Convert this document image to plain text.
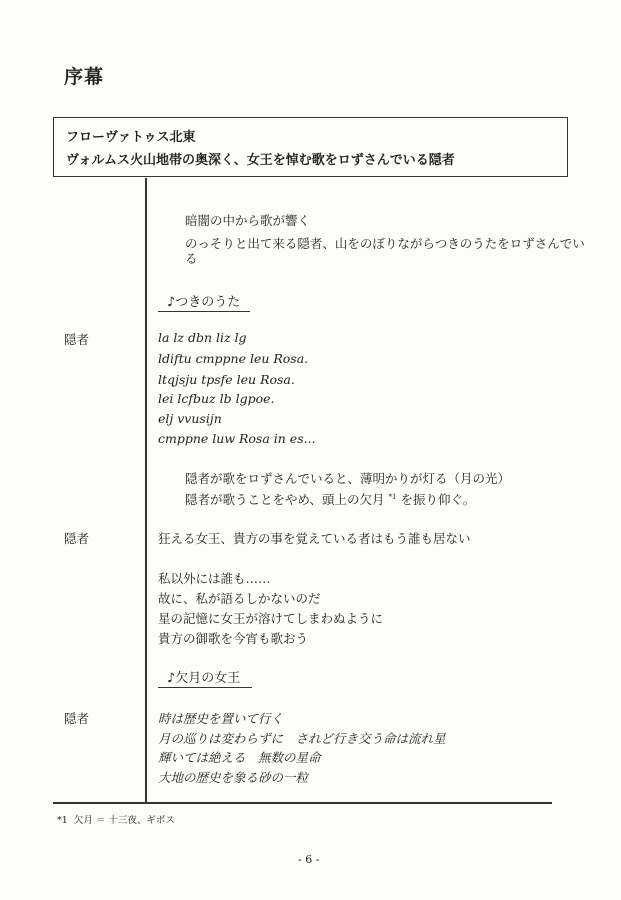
序幕
フローヴァトゥス北東
ヴォルムス火山地帯の奥深く、女王を悼む歌をロずさんでいる隠者
暗闇の中から歌が響く
のっそりと出て来る隠者、山をのぼりながらつきのうたをロずさんでい
る
♪つきのうた
隠者	la lz dbn liz lg
ldiftu cmppne leu Rosa.
ltqjsju tpsfe leu Rosa.
lei lcfbuz lb lgpoe.
elj vvusijn
cmppne luw Rosa in es...
隠者が歌をロずさんでいると、薄明かりが灯る（月の光）
隠者が歌うことをやめ、頭上の欠月 $^{*1}$ を振り仰ぐ。
隠者	狂える女王、貴方の事を覚えている者はもう誰も居ない
私以外には誰も……
故に、私が語るしかないのだ
星の記憶に女王が溶けてしまわぬように
貴方の御歌を今宵も歌おう
♪欠月の女王
隠者	時は歴史を置いて行く
月の巡りは変わらずに　されど行き交う命は流れ星
輝いては絶える　無数の星命
大地の歴史を象る砂の一粒
*1 欠月 ＝ 十三夜、ギボス
- 6 -
